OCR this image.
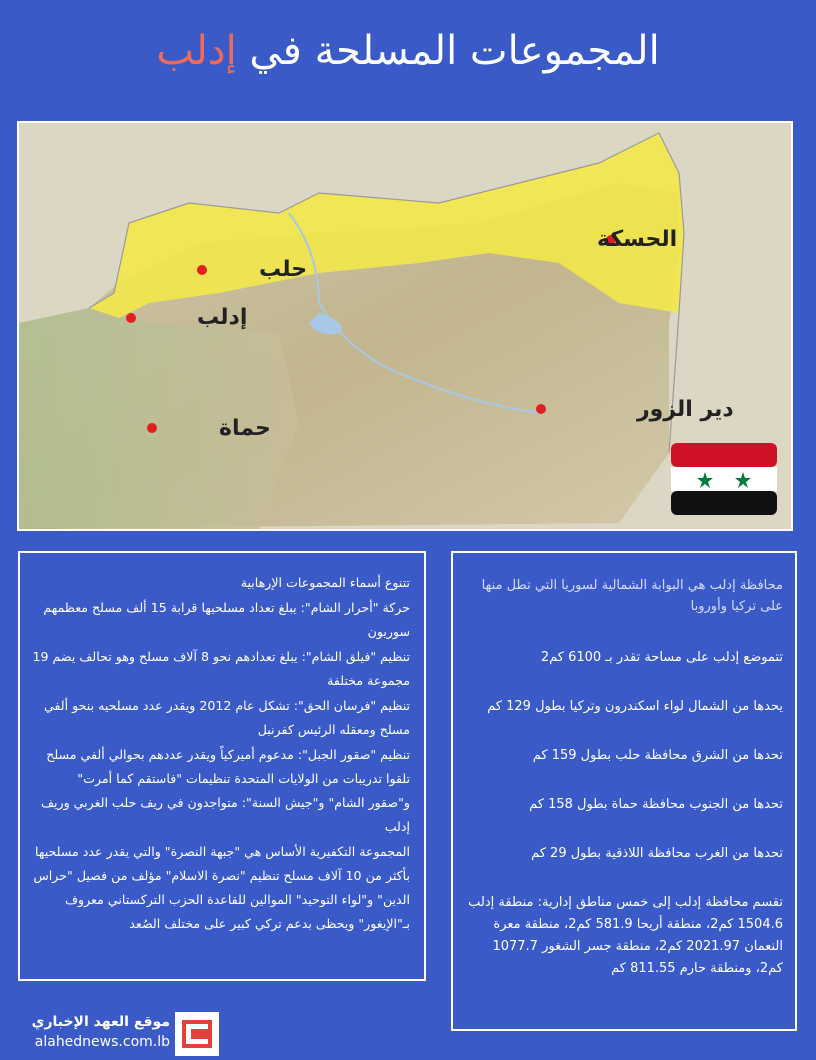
المجموعات المسلحة في إدلب
الحسكة
حلب
إدلب
دير الزور
حماة

تتنوع أسماء المجموعات الإرهابية

حركة "أحرار الشام": يبلغ تعداد مسلحيها قرابة 15 ألف مسلح معظمهم سوريون

تنظيم "فيلق الشام": يبلغ تعدادهم نحو 8 آلاف مسلح وهو تحالف يضم 19 مجموعة مختلفة

تنظيم "فرسان الحق": تشكل عام 2012 ويقدر عدد مسلحيه بنحو ألفي مسلح ومعقله الرئيس كفرنبل

تنظيم "صقور الجبل": مدعوم أميركياً ويقدر عددهم بحوالي ألفي مسلح تلقوا تدريبات من الولايات المتحدة تنظيمات "فاستقم كما أمرت" و"صقور الشام" و"جيش السنة": متواجدون في ريف حلب الغربي وريف إدلب

المجموعة التكفيرية الأساس هي "جبهة النصرة" والتي يقدر عدد مسلحيها بأكثر من 10 آلاف مسلح تنظيم "نصرة الاسلام" مؤلف من فصيل "حراس الدين" و"لواء التوحيد" الموالين للقاعدة الحزب التركستاني معروف بـ"الإيغور" ويحظى بدعم تركي كبير على مختلف الصُعد

محافظة إدلب هي البوابة الشمالية لسوريا التي تطل منها على تركيا وأوروبا

تتموضع إدلب على مساحة تقدر بـ 6100 كم2

يحدها من الشمال لواء اسكندرون وتركيا بطول 129 كم

تحدها من الشرق محافظة حلب بطول 159 كم

تحدها من الجنوب محافظة حماة بطول 158 كم

تحدها من الغرب محافظة اللاذقية بطول 29 كم

تقسم محافظة إدلب إلى خمس مناطق إدارية: منطقة إدلب 1504.6 كم2، منطقة أريحا 581.9 كم2، منطقة معرة النعمان 2021.97 كم2، منطقة جسر الشغور 1077.7 كم2، ومنطقة حارم 811.55 كم

موقع العهد الإخباري
alahednews.com.lb
